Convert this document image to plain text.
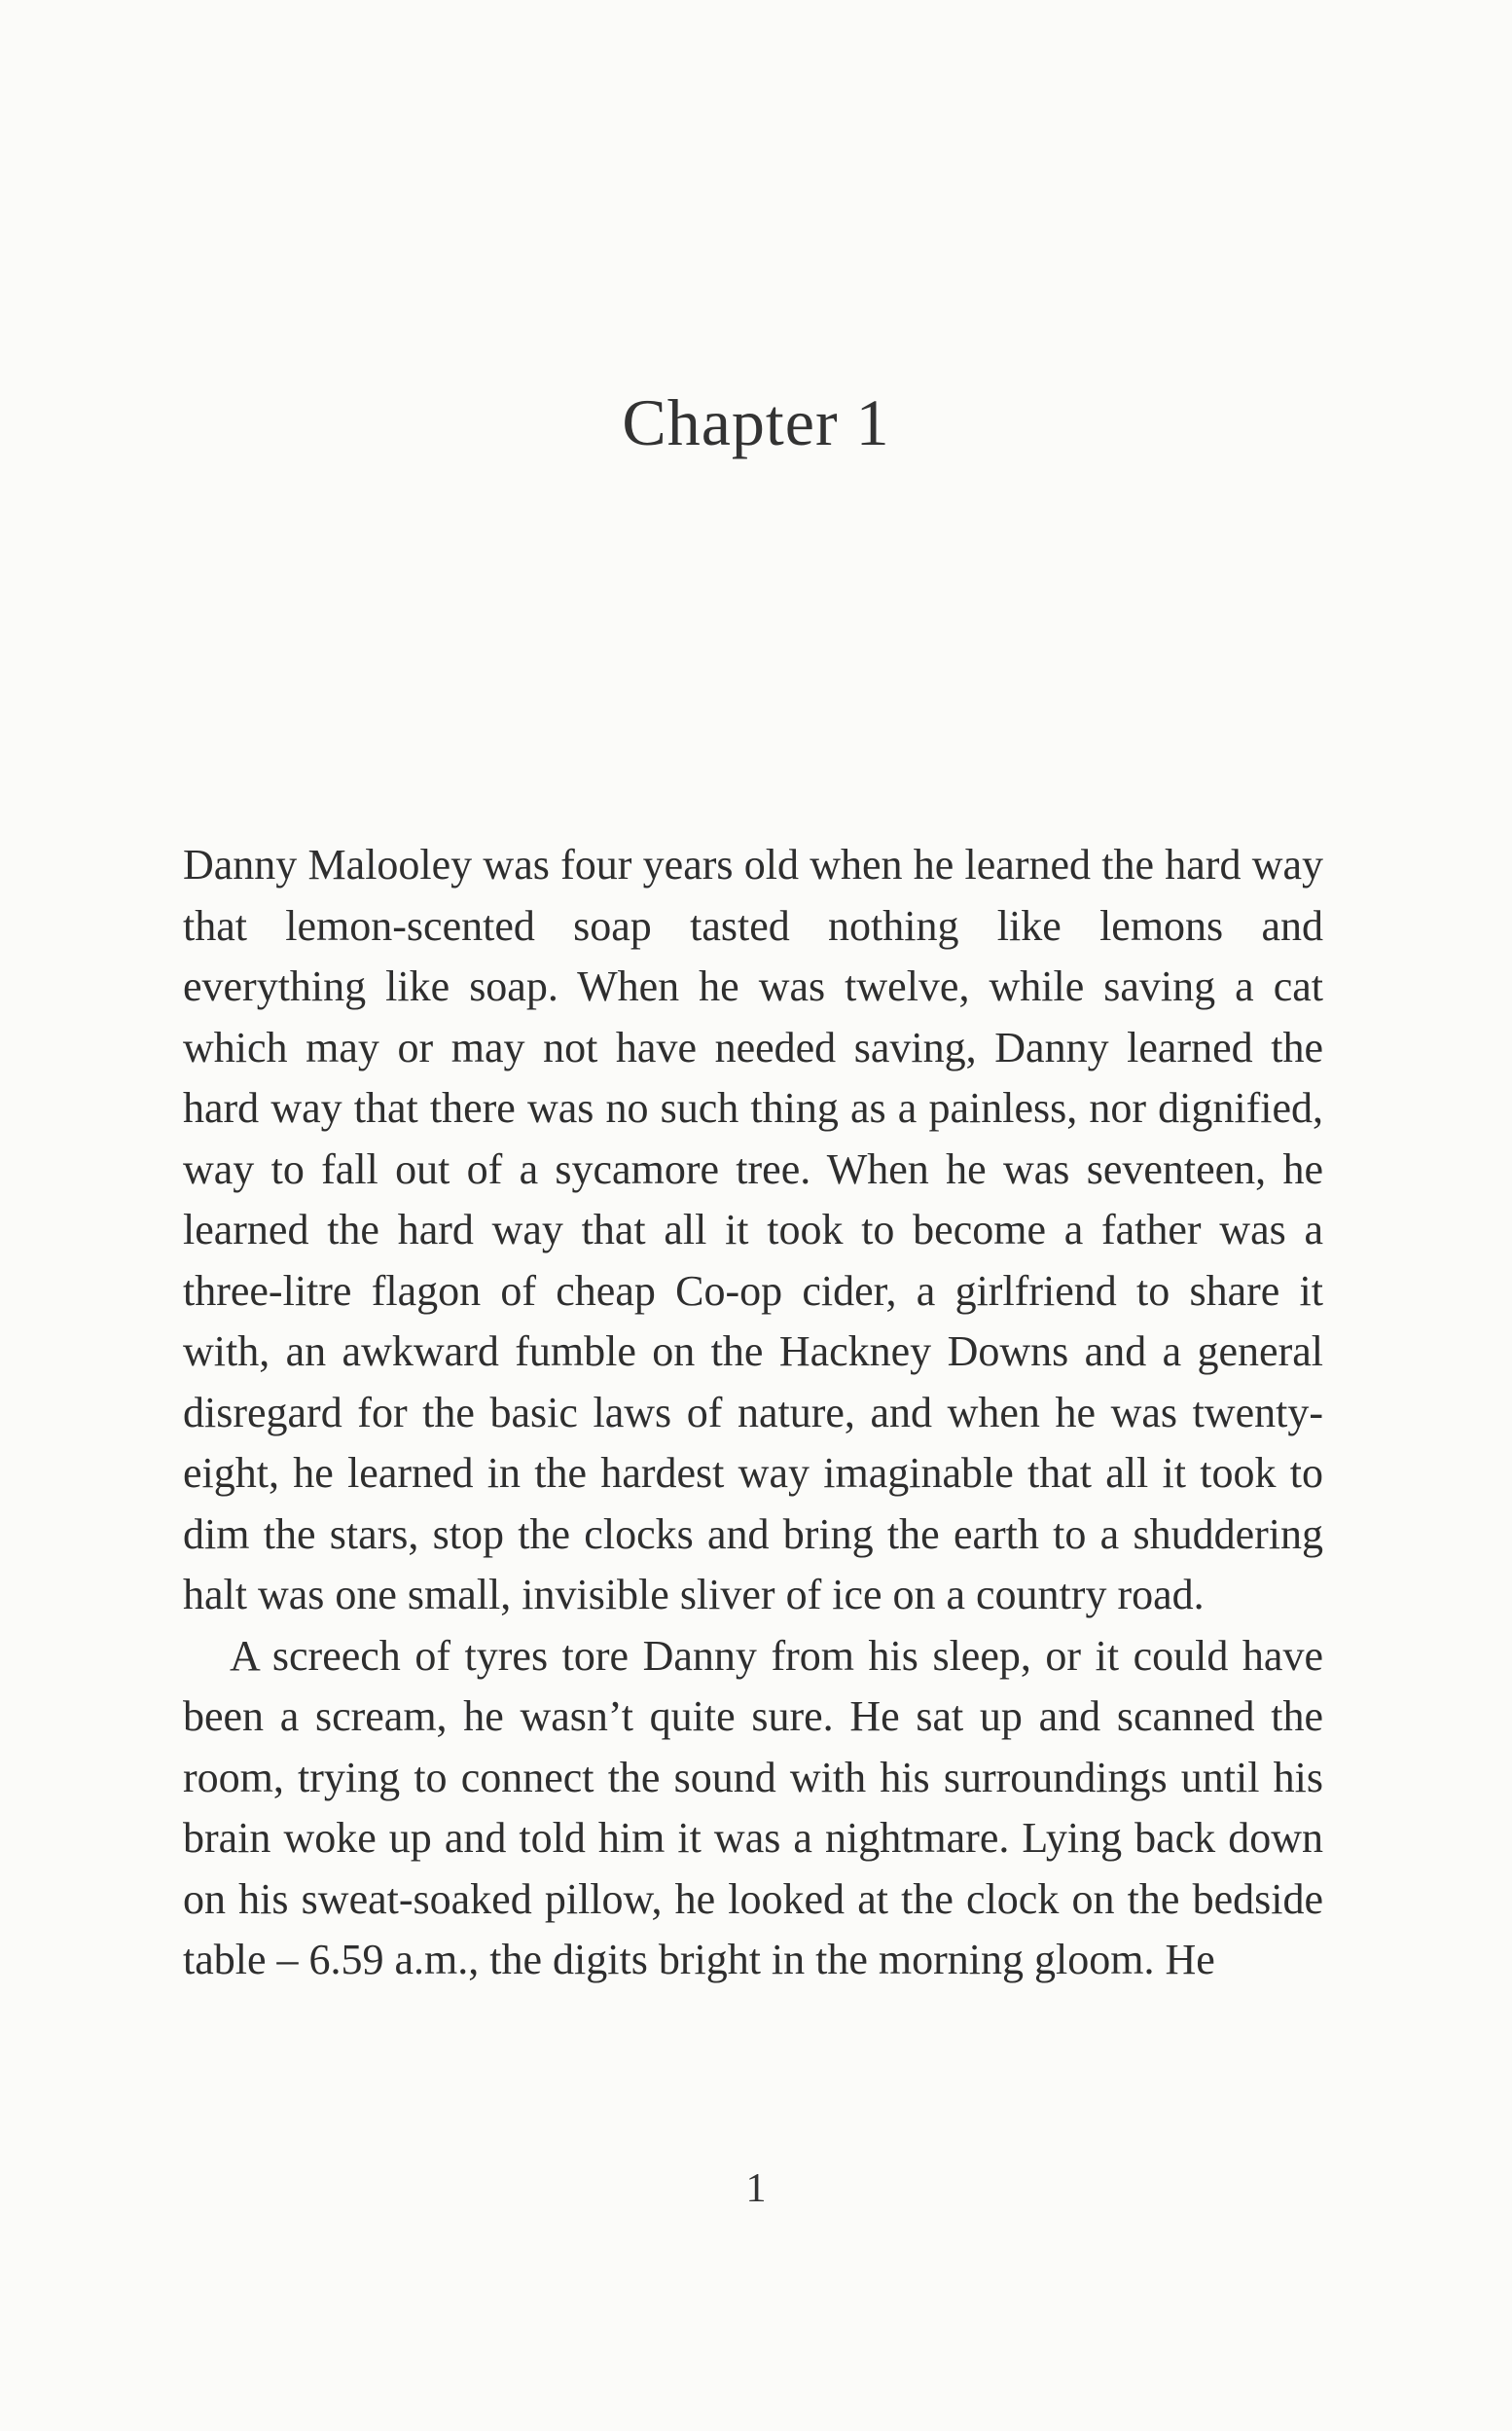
Chapter 1

Danny Malooley was four years old when he learned the hard way that lemon-scented soap tasted nothing like lemons and everything like soap. When he was twelve, while saving a cat which may or may not have needed saving, Danny learned the hard way that there was no such thing as a painless, nor dignified, way to fall out of a sycamore tree. When he was seventeen, he learned the hard way that all it took to become a father was a three-litre flagon of cheap Co-op cider, a girlfriend to share it with, an awkward fumble on the Hackney Downs and a general disregard for the basic laws of nature, and when he was twenty-eight, he learned in the hardest way imaginable that all it took to dim the stars, stop the clocks and bring the earth to a shuddering halt was one small, invisible sliver of ice on a country road.

A screech of tyres tore Danny from his sleep, or it could have been a scream, he wasn’t quite sure. He sat up and scanned the room, trying to connect the sound with his surroundings until his brain woke up and told him it was a nightmare. Lying back down on his sweat-soaked pillow, he looked at the clock on the bedside table – 6.59 a.m., the digits bright in the morning gloom. He

1
